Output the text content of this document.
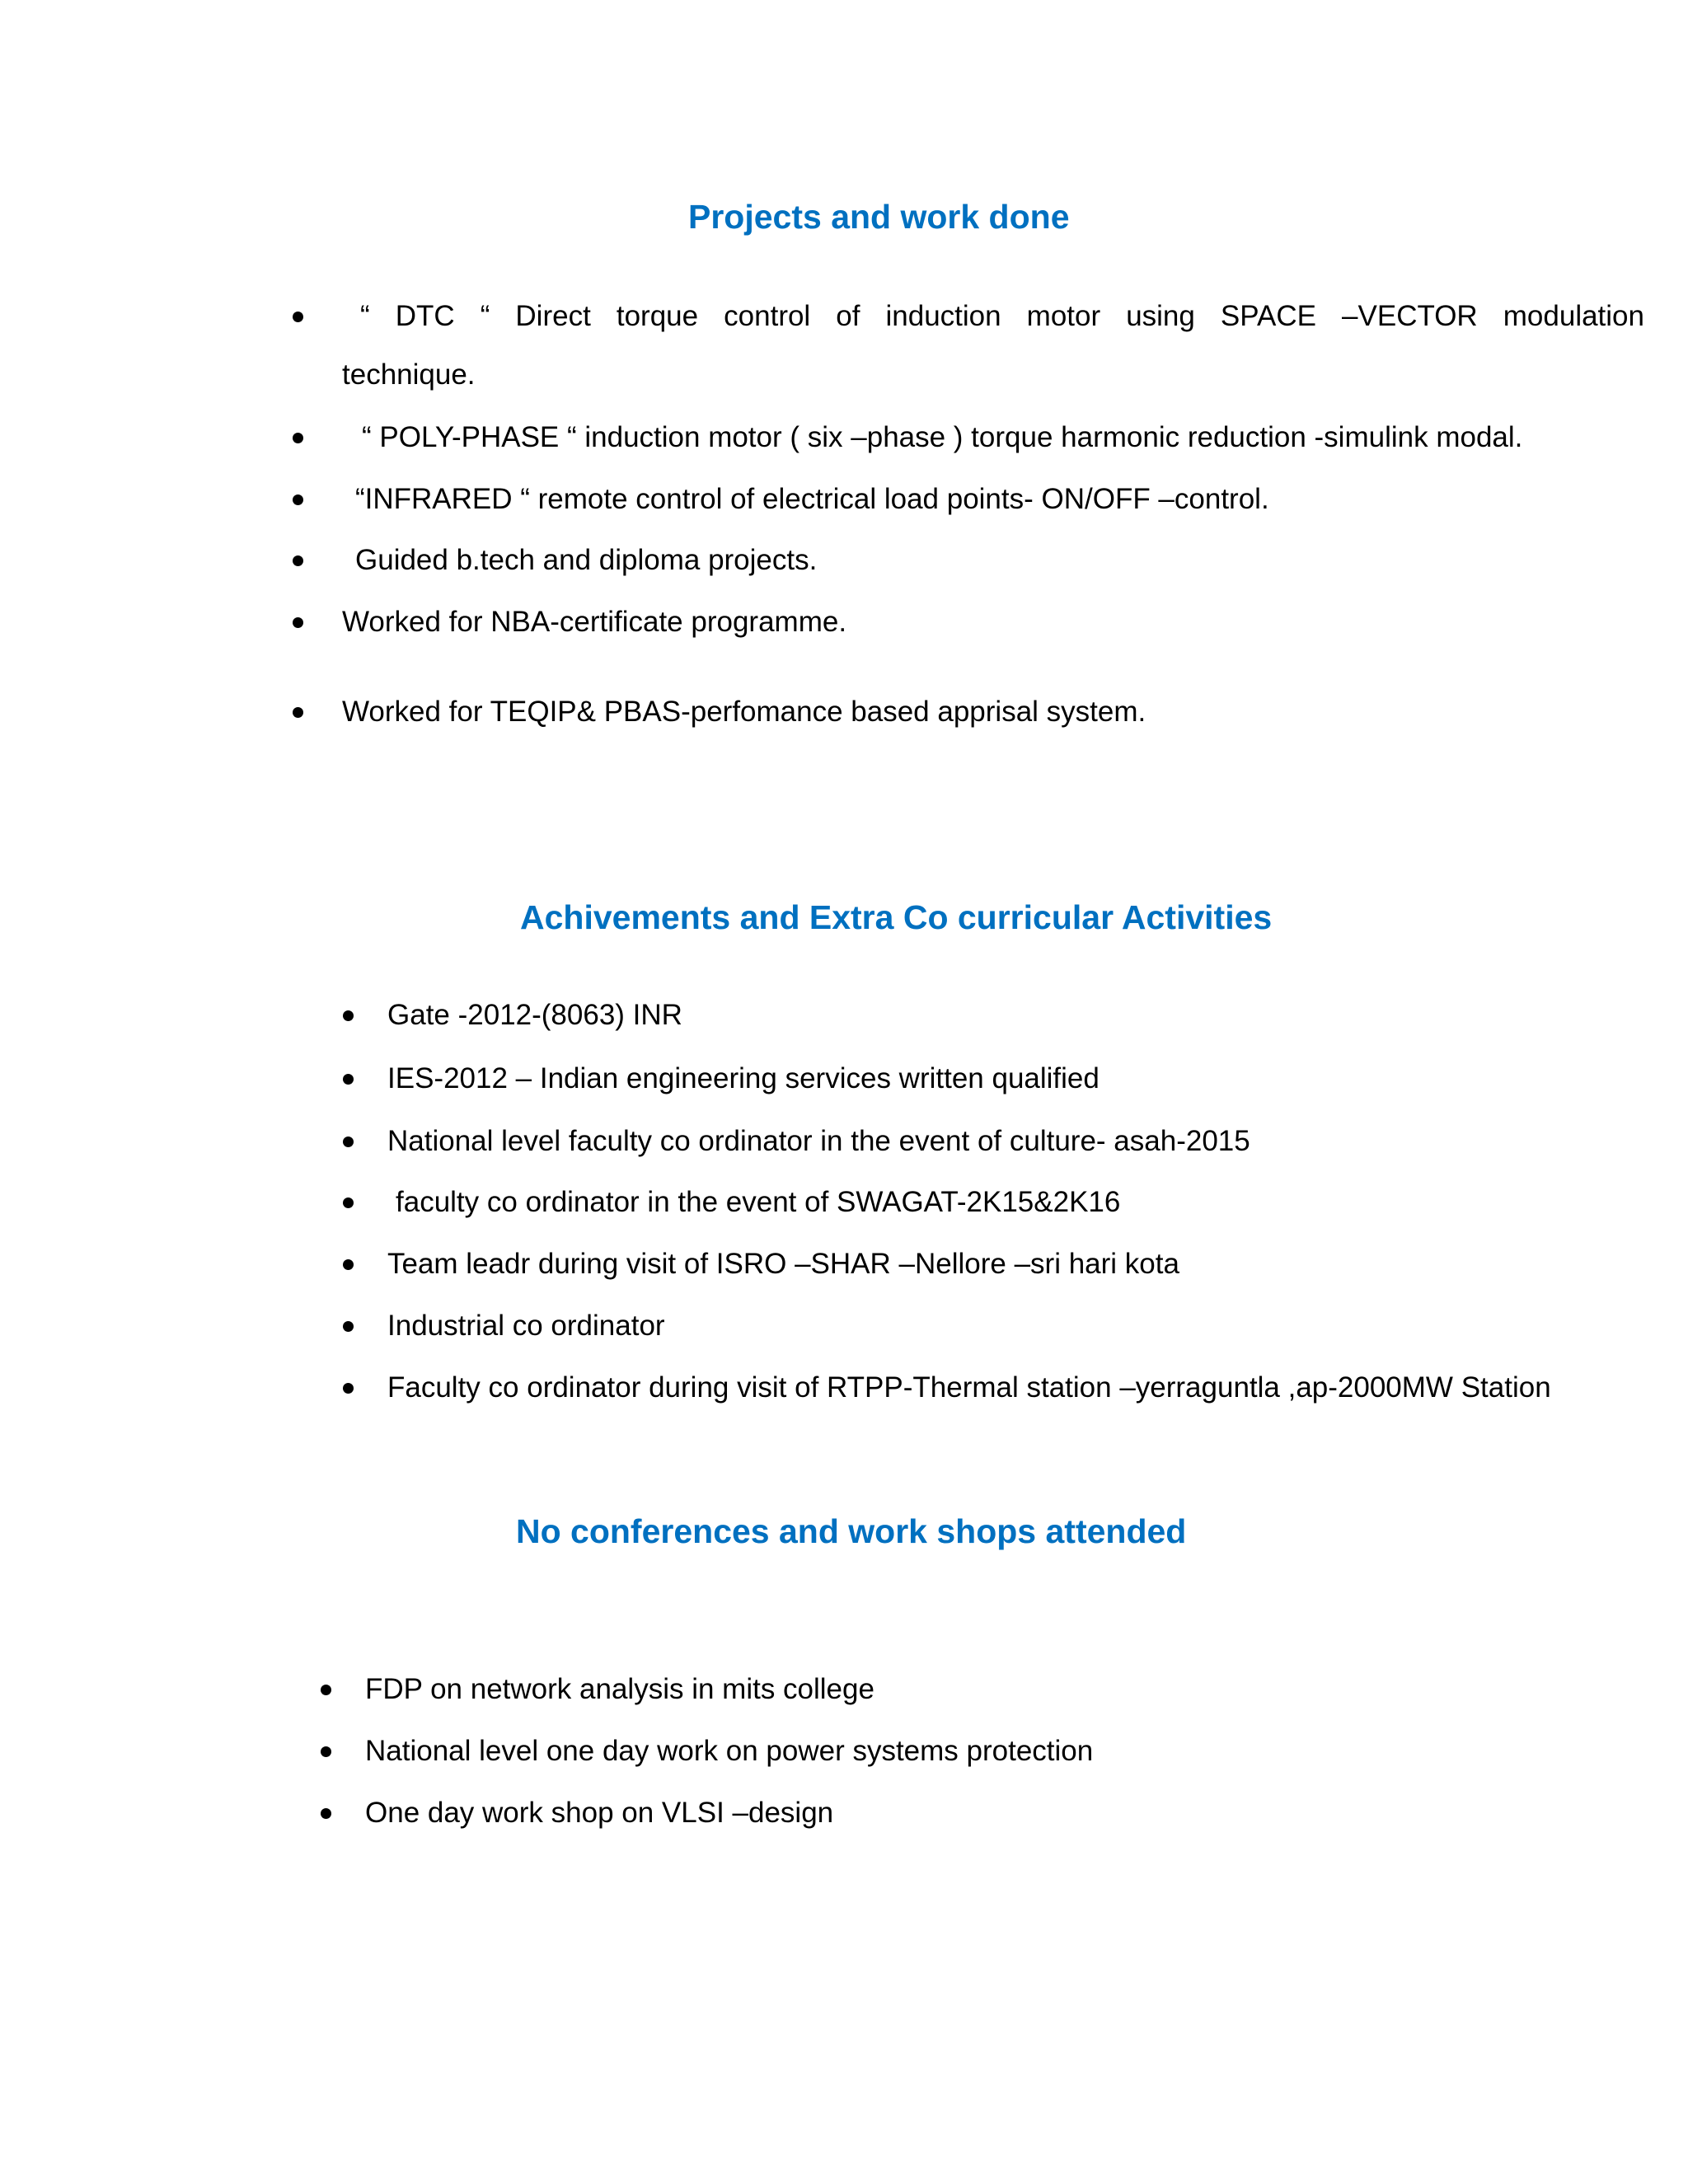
Projects and work done
“ DTC “ Direct torque control of induction motor using SPACE –VECTOR modulation
technique.
“ POLY-PHASE “ induction motor ( six –phase ) torque harmonic reduction -simulink modal.
“INFRARED “ remote control of electrical load points- ON/OFF –control.
Guided b.tech and diploma projects.
Worked for NBA-certificate programme.
Worked for TEQIP& PBAS-perfomance based apprisal system.
Achivements and Extra Co curricular Activities
Gate -2012-(8063) INR
IES-2012 – Indian engineering services written qualified
National level faculty co ordinator in the event of culture- asah-2015
faculty co ordinator in the event of SWAGAT-2K15&2K16
Team leadr during visit of ISRO –SHAR –Nellore –sri hari kota
Industrial co ordinator
Faculty co ordinator during visit of RTPP-Thermal station –yerraguntla ,ap-2000MW Station
No conferences and work shops attended
FDP on network analysis in mits college
National level one day work on power systems protection
One day work shop on VLSI –design
